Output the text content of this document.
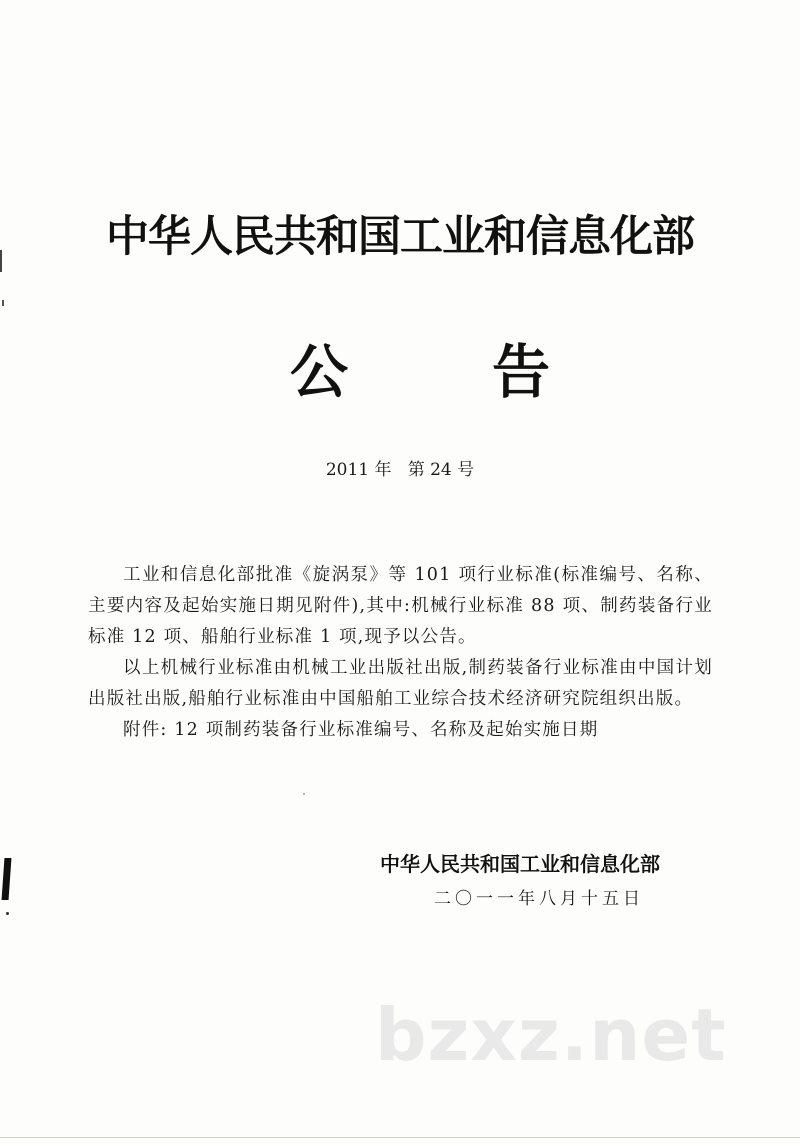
中华人民共和国工业和信息化部
公 告
2011 年   第 24 号

工业和信息化部批准《旋涡泵》等 101 项行业标准(标准编号、名称、主要内容及起始实施日期见附件),其中:机械行业标准 88 项、制药装备行业标准 12 项、船舶行业标准 1 项,现予以公告。

以上机械行业标准由机械工业出版社出版,制药装备行业标准由中国计划出版社出版,船舶行业标准由中国船舶工业综合技术经济研究院组织出版。

附件: 12 项制药装备行业标准编号、名称及起始实施日期

中华人民共和国工业和信息化部
二〇一一年八月十五日
bzxz.net
